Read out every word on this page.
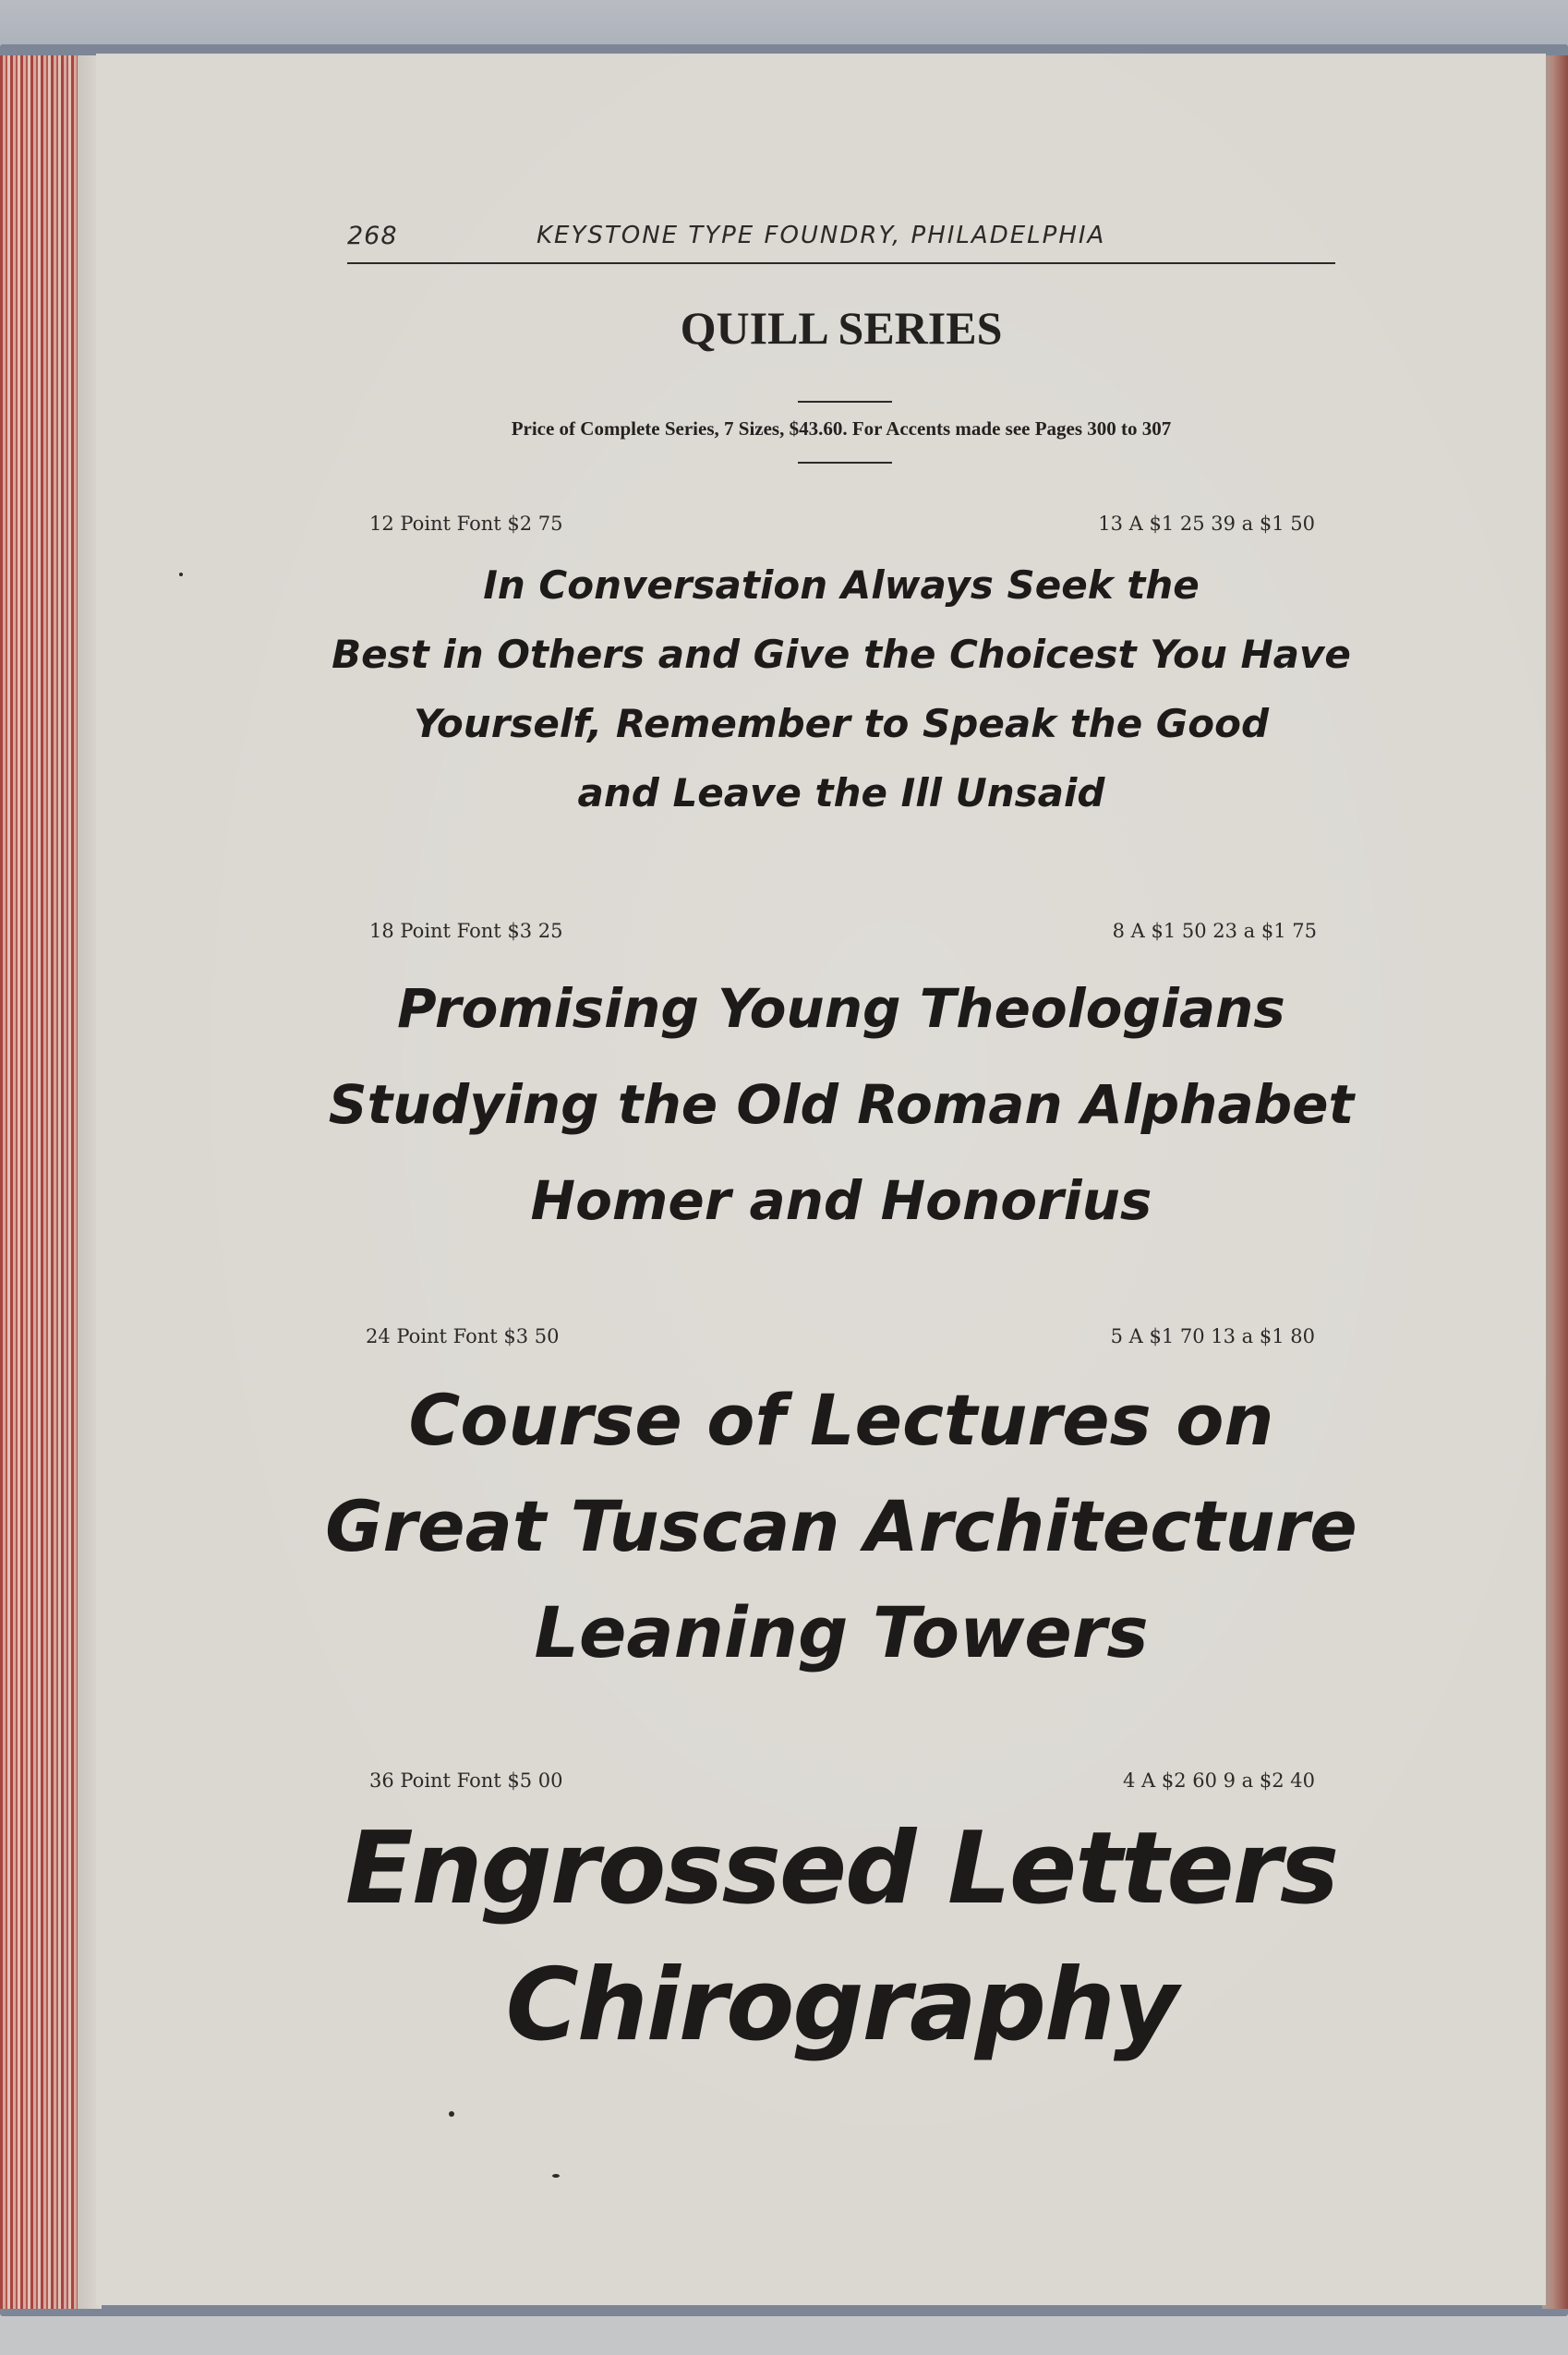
268	KEYSTONE TYPE FOUNDRY, PHILADELPHIA
QUILL SERIES
Price of Complete Series, 7 Sizes, $43.60. For Accents made see Pages 300 to 307
12 Point Font $2 75	13 A $1 25 39 a $1 50
In Conversation Always Seek the
Best in Others and Give the Choicest You Have
Yourself, Remember to Speak the Good
and Leave the Ill Unsaid
18 Point Font $3 25	8 A $1 50 23 a $1 75
Promising Young Theologians
Studying the Old Roman Alphabet
Homer and Honorius
24 Point Font $3 50	5 A $1 70 13 a $1 80
Course of Lectures on
Great Tuscan Architecture
Leaning Towers
36 Point Font $5 00	4 A $2 60 9 a $2 40
Engrossed Letters
Chirography
